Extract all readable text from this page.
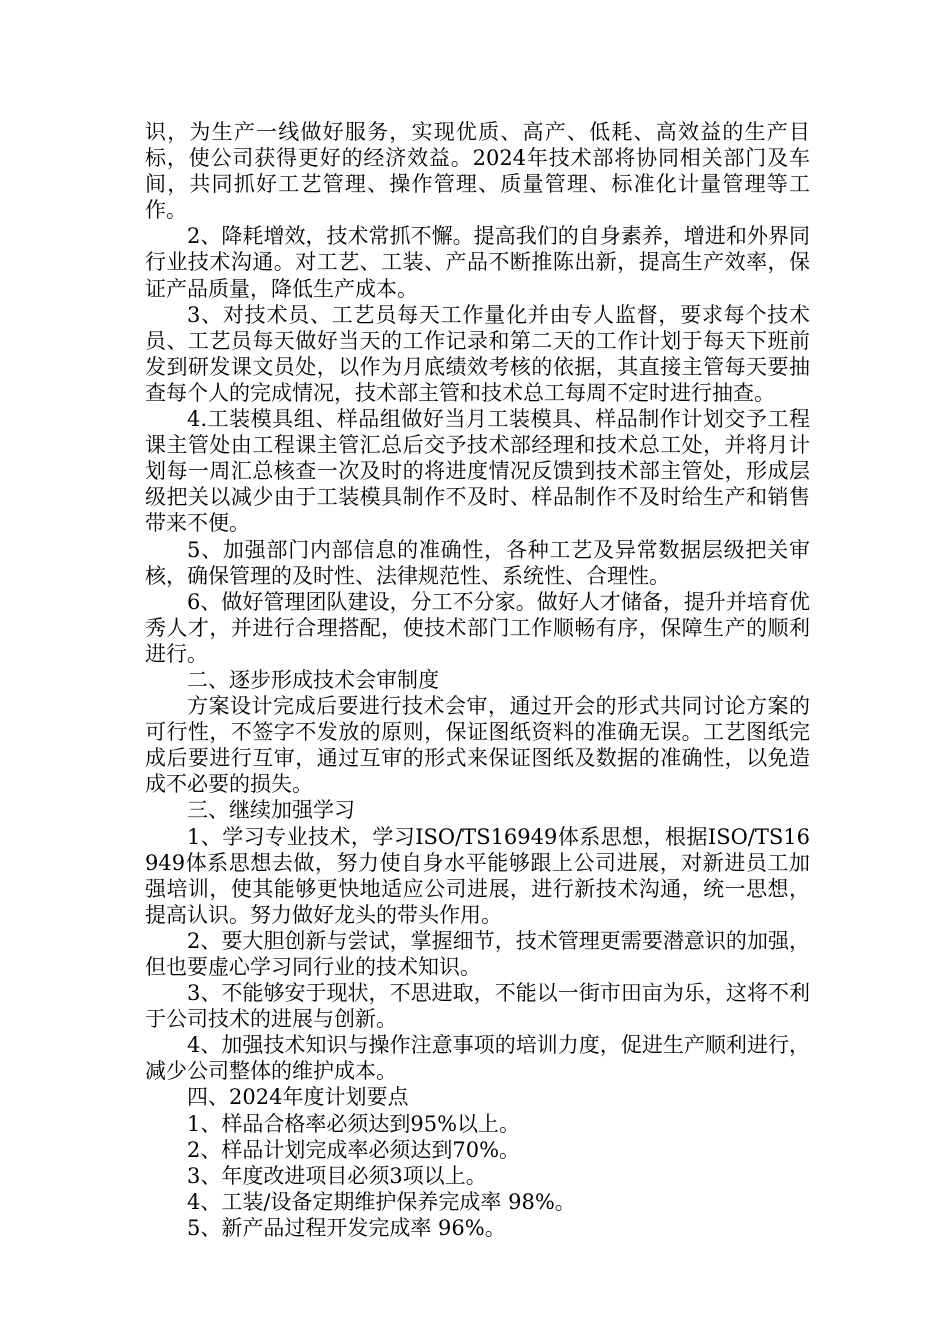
识，为生产一线做好服务，实现优质、高产、低耗、高效益的生产目标，使公司获得更好的经济效益。2024年技术部将协同相关部门及车间，共同抓好工艺管理、操作管理、质量管理、标准化计量管理等工作。

2、降耗增效，技术常抓不懈。提高我们的自身素养，增进和外界同行业技术沟通。对工艺、工装、产品不断推陈出新，提高生产效率，保证产品质量，降低生产成本。

3、对技术员、工艺员每天工作量化并由专人监督，要求每个技术员、工艺员每天做好当天的工作记录和第二天的工作计划于每天下班前发到研发课文员处，以作为月底绩效考核的依据，其直接主管每天要抽查每个人的完成情况，技术部主管和技术总工每周不定时进行抽查。

4.工装模具组、样品组做好当月工装模具、样品制作计划交予工程课主管处由工程课主管汇总后交予技术部经理和技术总工处，并将月计划每一周汇总核查一次及时的将进度情况反馈到技术部主管处，形成层级把关以减少由于工装模具制作不及时、样品制作不及时给生产和销售带来不便。

5、加强部门内部信息的准确性，各种工艺及异常数据层级把关审核，确保管理的及时性、法律规范性、系统性、合理性。

6、做好管理团队建设，分工不分家。做好人才储备，提升并培育优秀人才，并进行合理搭配，使技术部门工作顺畅有序，保障生产的顺利进行。

二、逐步形成技术会审制度

方案设计完成后要进行技术会审，通过开会的形式共同讨论方案的可行性，不签字不发放的原则，保证图纸资料的准确无误。工艺图纸完成后要进行互审，通过互审的形式来保证图纸及数据的准确性，以免造成不必要的损失。

三、继续加强学习

1、学习专业技术，学习ISO/TS16949体系思想，根据ISO/TS16949体系思想去做，努力使自身水平能够跟上公司进展，对新进员工加强培训，使其能够更快地适应公司进展，进行新技术沟通，统一思想，提高认识。努力做好龙头的带头作用。

2、要大胆创新与尝试，掌握细节，技术管理更需要潜意识的加强，但也要虚心学习同行业的技术知识。

3、不能够安于现状，不思进取，不能以一街市田亩为乐，这将不利于公司技术的进展与创新。

4、加强技术知识与操作注意事项的培训力度，促进生产顺利进行，减少公司整体的维护成本。

四、2024年度计划要点

1、样品合格率必须达到95%以上。

2、样品计划完成率必须达到70%。

3、年度改进项目必须3项以上。

4、工装/设备定期维护保养完成率 98%。

5、新产品过程开发完成率 96%。
